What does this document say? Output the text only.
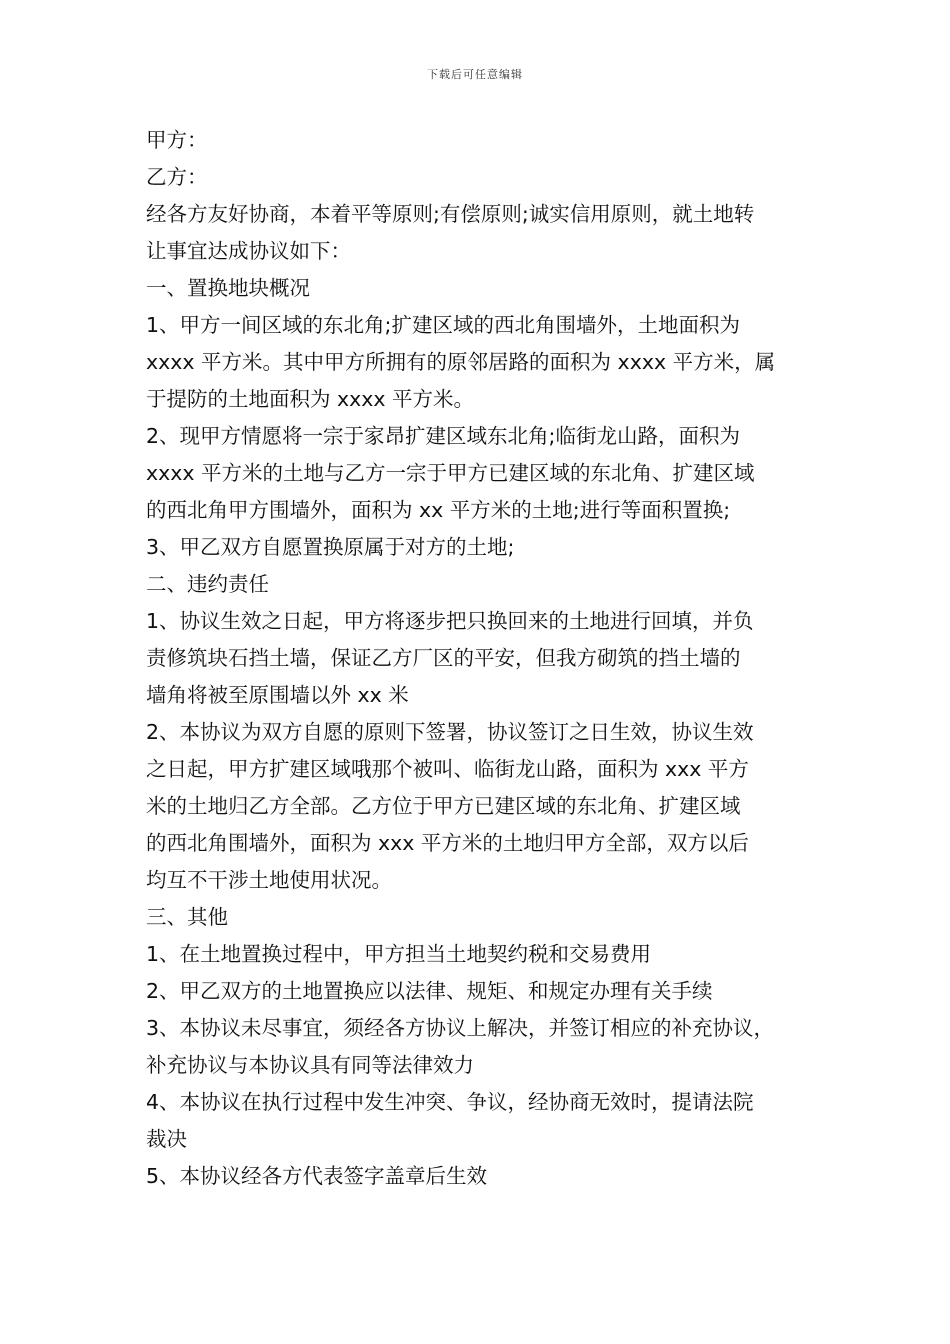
下载后可任意编辑

甲方：

乙方：

经各方友好协商，本着平等原则;有偿原则;诚实信用原则，就土地转
让事宜达成协议如下：

一、置换地块概况

1、甲方一间区域的东北角;扩建区域的西北角围墙外，土地面积为
xxxx 平方米。其中甲方所拥有的原邻居路的面积为 xxxx 平方米，属
于提防的土地面积为 xxxx 平方米。

2、现甲方情愿将一宗于家昂扩建区域东北角;临街龙山路，面积为
xxxx 平方米的土地与乙方一宗于甲方已建区域的东北角、扩建区域
的西北角甲方围墙外，面积为 xx 平方米的土地;进行等面积置换;

3、甲乙双方自愿置换原属于对方的土地;

二、违约责任

1、协议生效之日起，甲方将逐步把只换回来的土地进行回填，并负
责修筑块石挡土墙，保证乙方厂区的平安，但我方砌筑的挡土墙的
墙角将被至原围墙以外 xx 米

2、本协议为双方自愿的原则下签署，协议签订之日生效，协议生效
之日起，甲方扩建区域哦那个被叫、临街龙山路，面积为 xxx 平方
米的土地归乙方全部。乙方位于甲方已建区域的东北角、扩建区域
的西北角围墙外，面积为 xxx 平方米的土地归甲方全部，双方以后
均互不干涉土地使用状况。

三、其他

1、在土地置换过程中，甲方担当土地契约税和交易费用

2、甲乙双方的土地置换应以法律、规矩、和规定办理有关手续

3、本协议未尽事宜，须经各方协议上解决，并签订相应的补充协议，
补充协议与本协议具有同等法律效力

4、本协议在执行过程中发生冲突、争议，经协商无效时，提请法院
裁决

5、本协议经各方代表签字盖章后生效
